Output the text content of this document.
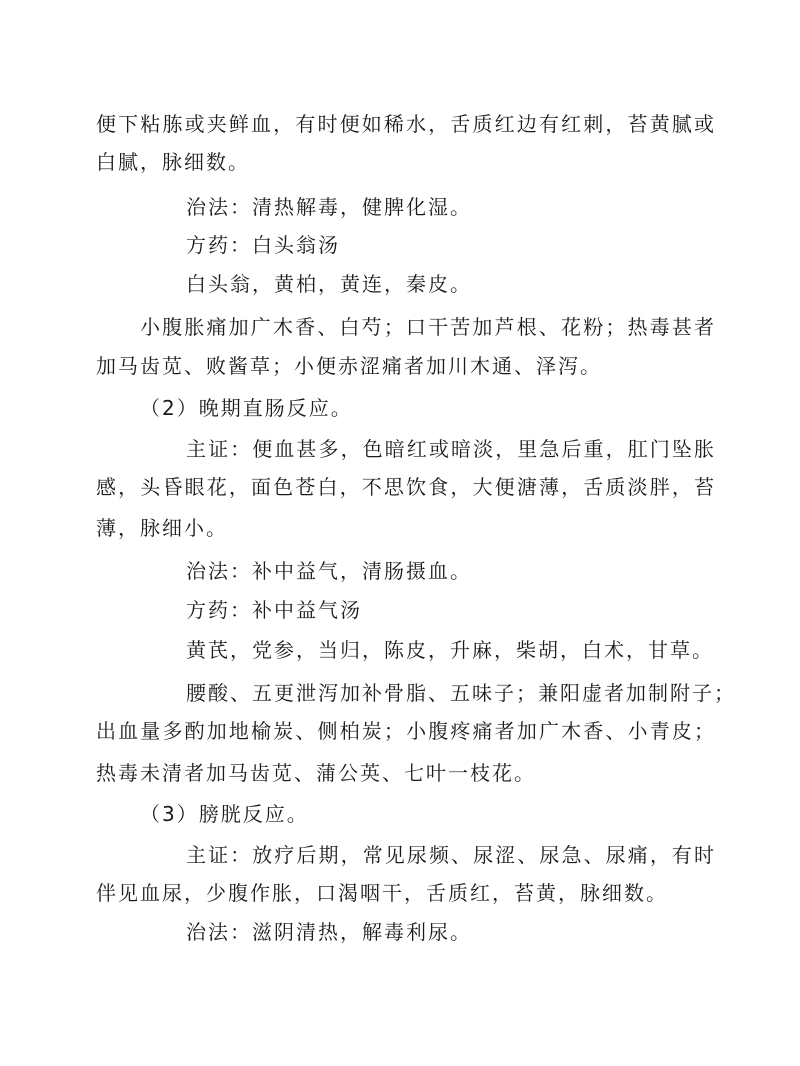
便下粘胨或夹鲜血，有时便如稀水，舌质红边有红刺，苔黄腻或
白腻，脉细数。
治法：清热解毒，健脾化湿。
方药：白头翁汤
白头翁，黄柏，黄连，秦皮。
小腹胀痛加广木香、白芍；口干苦加芦根、花粉；热毒甚者
加马齿苋、败酱草；小便赤涩痛者加川木通、泽泻。
（2）晚期直肠反应。
主证：便血甚多，色暗红或暗淡，里急后重，肛门坠胀
感，头昏眼花，面色苍白，不思饮食，大便溏薄，舌质淡胖，苔
薄，脉细小。
治法：补中益气，清肠摄血。
方药：补中益气汤
黄芪，党参，当归，陈皮，升麻，柴胡，白术，甘草。
腰酸、五更泄泻加补骨脂、五味子；兼阳虚者加制附子；
出血量多酌加地榆炭、侧柏炭；小腹疼痛者加广木香、小青皮；
热毒未清者加马齿苋、蒲公英、七叶一枝花。
（3）膀胱反应。
主证：放疗后期，常见尿频、尿涩、尿急、尿痛，有时
伴见血尿，少腹作胀，口渴咽干，舌质红，苔黄，脉细数。
治法：滋阴清热，解毒利尿。
